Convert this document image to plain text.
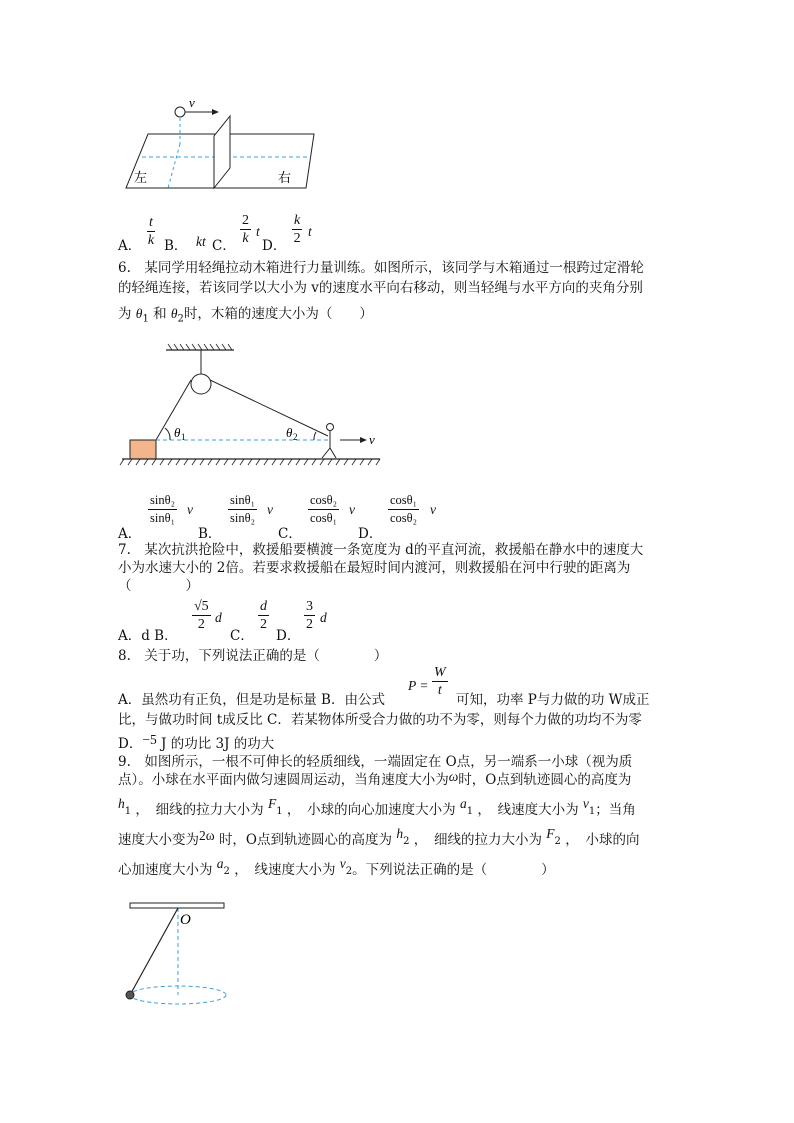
v
左	右
A． $\frac{t}{k}$ B． kt C． $\frac{2}{k}$ t
D． $\frac{k}{2}$ t
6.　某同学用轻绳拉动木箱进行力量训练。如图所示，该同学与木箱通过一根跨过定滑轮
的轻绳连接，若该同学以大小为 v的速度水平向右移动，则当轻绳与水平方向的夹角分别
为 $\theta_1$ 和 $\theta_2$时，木箱的速度大小为（　　）
θ 1	θ 2	v
A．
$\frac{\text{sinθ₂}}{\text{sinθ₁}}$ v
B．
$\frac{\text{sinθ₁}}{\text{sinθ₂}}$ v
C．
$\frac{\text{cosθ₂}}{\text{cosθ₁}}$ v
D．
$\frac{\text{cosθ₁}}{\text{cosθ₂}}$ v
7.　某次抗洪抢险中，救援船要横渡一条宽度为 d的平直河流，救援船在静水中的速度大
小为水速大小的 2倍。若要求救援船在最短时间内渡河，则救援船在河中行驶的距离为
（　　　　）
A．d B．
$\frac{√5}{2}$ d
C．
$\frac{d}{2}$
D．
$\frac{3}{2}$ d
8.　关于功，下列说法正确的是（　　　　）
$P = \frac{W}{t}$
A．虽然功有正负，但是功是标量 B．由公式	可知，功率 P与力做的功 W成正
比，与做功时间 t成反比 C．若某物体所受合力做的功不为零，则每个力做的功均不为零
D．−5 J 的功比 3J 的功大
9.　如图所示，一根不可伸长的轻质细线，一端固定在 O点，另一端系一小球（视为质
点）。小球在水平面内做匀速圆周运动，当角速度大小为ω时，O点到轨迹圆心的高度为
$h_1$ ，　细线的拉力大小为 $F_1$ ，　小球的向心加速度大小为 $a_1$ ，　线速度大小为 $v_1$；当角
速度大小变为2ω 时，O点到轨迹圆心的高度为 $h_2$ ，　细线的拉力大小为 $F_2$ ，　小球的向
心加速度大小为 $a_2$ ，　线速度大小为 $v_2$。下列说法正确的是（　　　　）
O
